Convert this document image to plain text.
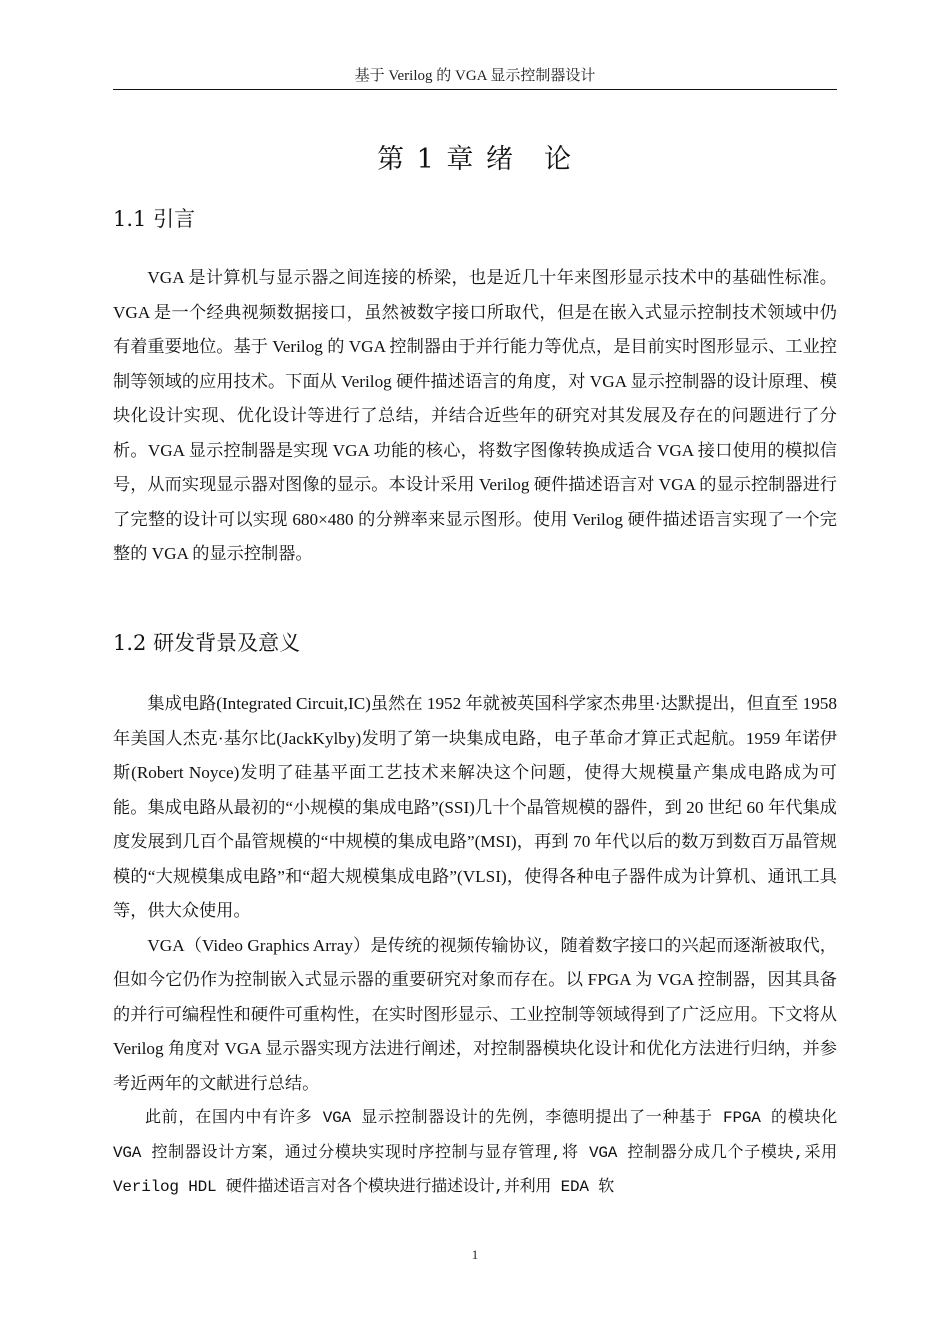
基于 Verilog 的 VGA 显示控制器设计
第 1 章 绪　论
1.1 引言

VGA 是计算机与显示器之间连接的桥梁，也是近几十年来图形显示技术中的基础性标准。VGA 是一个经典视频数据接口，虽然被数字接口所取代，但是在嵌入式显示控制技术领域中仍有着重要地位。基于 Verilog 的 VGA 控制器由于并行能力等优点，是目前实时图形显示、工业控制等领域的应用技术。下面从 Verilog 硬件描述语言的角度，对 VGA 显示控制器的设计原理、模块化设计实现、优化设计等进行了总结，并结合近些年的研究对其发展及存在的问题进行了分析。VGA 显示控制器是实现 VGA 功能的核心，将数字图像转换成适合 VGA 接口使用的模拟信号，从而实现显示器对图像的显示。本设计采用 Verilog 硬件描述语言对 VGA 的显示控制器进行了完整的设计可以实现 680×480 的分辨率来显示图形。使用 Verilog 硬件描述语言实现了一个完整的 VGA 的显示控制器。

1.2 研发背景及意义

集成电路(Integrated Circuit,IC)虽然在 1952 年就被英国科学家杰弗里·达默提出，但直至 1958 年美国人杰克·基尔比(JackKylby)发明了第一块集成电路，电子革命才算正式起航。1959 年诺伊斯(Robert Noyce)发明了硅基平面工艺技术来解决这个问题，使得大规模量产集成电路成为可能。集成电路从最初的“小规模的集成电路”(SSI)几十个晶管规模的器件，到 20 世纪 60 年代集成度发展到几百个晶管规模的“中规模的集成电路”(MSI)，再到 70 年代以后的数万到数百万晶管规模的“大规模集成电路”和“超大规模集成电路”(VLSI)，使得各种电子器件成为计算机、通讯工具等，供大众使用。

VGA（Video Graphics Array）是传统的视频传输协议，随着数字接口的兴起而逐渐被取代，但如今它仍作为控制嵌入式显示器的重要研究对象而存在。以 FPGA 为 VGA 控制器，因其具备的并行可编程性和硬件可重构性，在实时图形显示、工业控制等领域得到了广泛应用。下文将从 Verilog 角度对 VGA 显示器实现方法进行阐述，对控制器模块化设计和优化方法进行归纳，并参考近两年的文献进行总结。

此前，在国内中有许多 VGA 显示控制器设计的先例，李德明提出了一种基于 FPGA 的模块化 VGA 控制器设计方案，通过分模块实现时序控制与显存管理,将 VGA 控制器分成几个子模块,采用 Verilog HDL 硬件描述语言对各个模块进行描述设计,并利用 EDA 软

1
